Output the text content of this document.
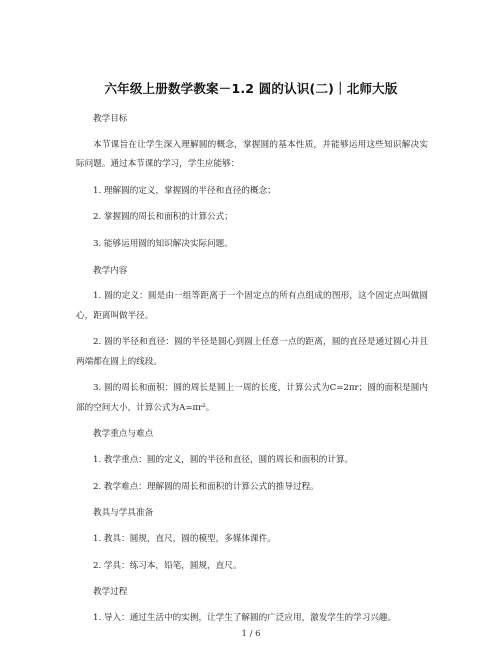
六年级上册数学教案－1.2 圆的认识(二)｜北师大版

教学目标

本节课旨在让学生深入理解圆的概念，掌握圆的基本性质，并能够运用这些知识解决实际问题。通过本节课的学习，学生应能够：

1. 理解圆的定义，掌握圆的半径和直径的概念；

2. 掌握圆的周长和面积的计算公式；

3. 能够运用圆的知识解决实际问题。

教学内容

1. 圆的定义：圆是由一组等距离于一个固定点的所有点组成的图形，这个固定点叫做圆心，距离叫做半径。

2. 圆的半径和直径：圆的半径是圆心到圆上任意一点的距离，圆的直径是通过圆心并且两端都在圆上的线段。

3. 圆的周长和面积：圆的周长是圆上一周的长度，计算公式为C=2πr；圆的面积是圆内部的空间大小，计算公式为A=πr²。

教学重点与难点

1. 教学重点：圆的定义，圆的半径和直径，圆的周长和面积的计算。

2. 教学难点：理解圆的周长和面积的计算公式的推导过程。

教具与学具准备

1. 教具：圆规，直尺，圆的模型，多媒体课件。

2. 学具：练习本，铅笔，圆规，直尺。

教学过程

1. 导入：通过生活中的实例，让学生了解圆的广泛应用，激发学生的学习兴趣。

1 / 6
